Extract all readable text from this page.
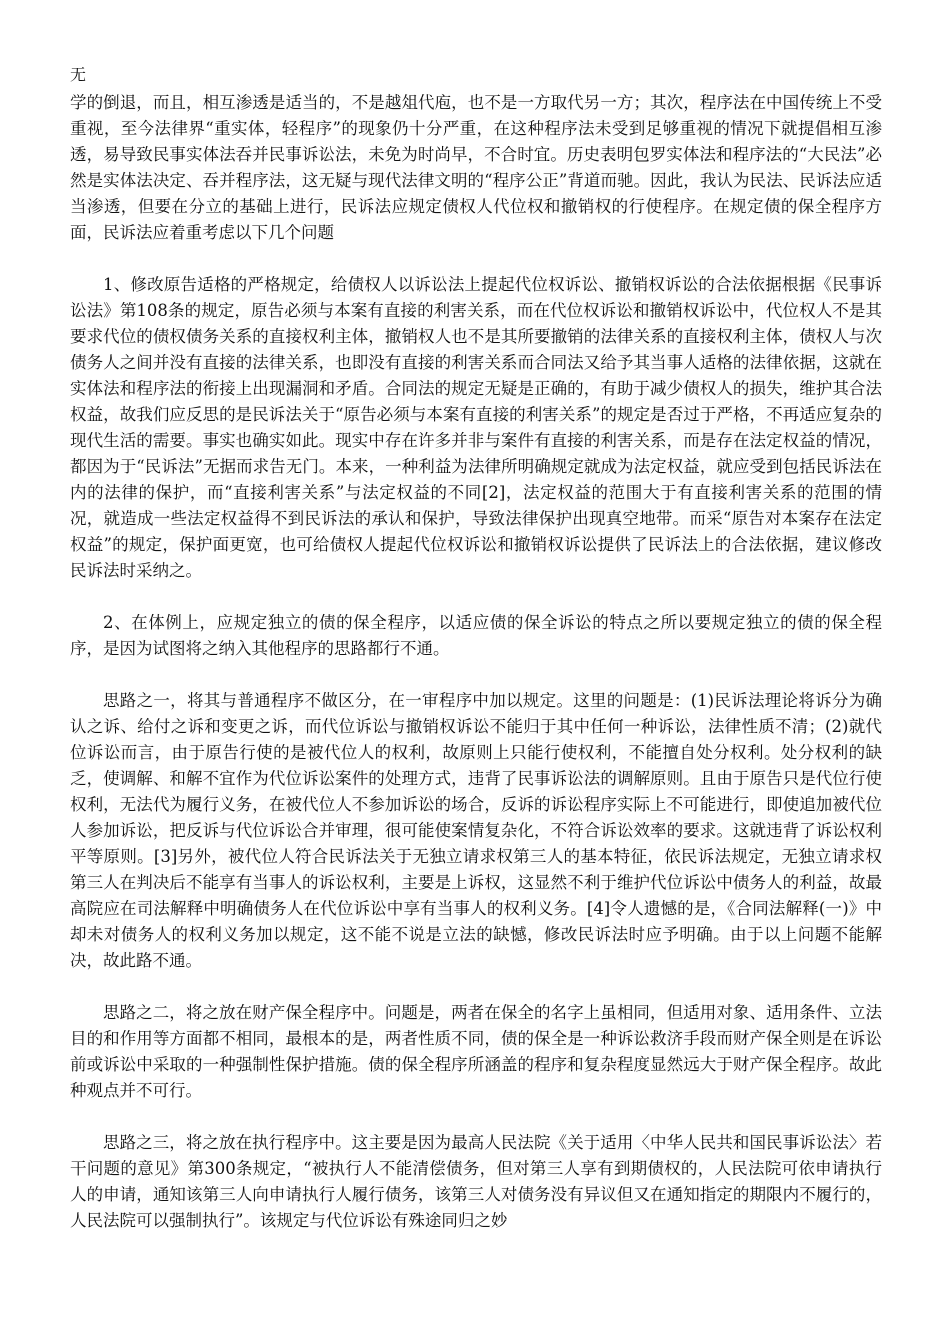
无

学的倒退，而且，相互渗透是适当的，不是越俎代庖，也不是一方取代另一方；其次，程序法在中国传统上不受重视，至今法律界“重实体，轻程序”的现象仍十分严重，在这种程序法未受到足够重视的情况下就提倡相互渗透，易导致民事实体法吞并民事诉讼法，未免为时尚早，不合时宜。历史表明包罗实体法和程序法的“大民法”必然是实体法决定、吞并程序法，这无疑与现代法律文明的“程序公正”背道而驰。因此，我认为民法、民诉法应适当渗透，但要在分立的基础上进行，民诉法应规定债权人代位权和撤销权的行使程序。在规定债的保全程序方面，民诉法应着重考虑以下几个问题

1、修改原告适格的严格规定，给债权人以诉讼法上提起代位权诉讼、撤销权诉讼的合法依据根据《民事诉讼法》第108条的规定，原告必须与本案有直接的利害关系，而在代位权诉讼和撤销权诉讼中，代位权人不是其要求代位的债权债务关系的直接权利主体，撤销权人也不是其所要撤销的法律关系的直接权利主体，债权人与次债务人之间并没有直接的法律关系，也即没有直接的利害关系而合同法又给予其当事人适格的法律依据，这就在实体法和程序法的衔接上出现漏洞和矛盾。合同法的规定无疑是正确的，有助于减少债权人的损失，维护其合法权益，故我们应反思的是民诉法关于“原告必须与本案有直接的利害关系”的规定是否过于严格，不再适应复杂的现代生活的需要。事实也确实如此。现实中存在许多并非与案件有直接的利害关系，而是存在法定权益的情况，都因为于“民诉法”无据而求告无门。本来，一种利益为法律所明确规定就成为法定权益，就应受到包括民诉法在内的法律的保护，而“直接利害关系”与法定权益的不同[2]，法定权益的范围大于有直接利害关系的范围的情况，就造成一些法定权益得不到民诉法的承认和保护，导致法律保护出现真空地带。而采“原告对本案存在法定权益”的规定，保护面更宽，也可给债权人提起代位权诉讼和撤销权诉讼提供了民诉法上的合法依据，建议修改民诉法时采纳之。

2、在体例上，应规定独立的债的保全程序，以适应债的保全诉讼的特点之所以要规定独立的债的保全程序，是因为试图将之纳入其他程序的思路都行不通。

思路之一，将其与普通程序不做区分，在一审程序中加以规定。这里的问题是：(1)民诉法理论将诉分为确认之诉、给付之诉和变更之诉，而代位诉讼与撤销权诉讼不能归于其中任何一种诉讼，法律性质不清；(2)就代位诉讼而言，由于原告行使的是被代位人的权利，故原则上只能行使权利，不能擅自处分权利。处分权利的缺乏，使调解、和解不宜作为代位诉讼案件的处理方式，违背了民事诉讼法的调解原则。且由于原告只是代位行使权利，无法代为履行义务，在被代位人不参加诉讼的场合，反诉的诉讼程序实际上不可能进行，即使追加被代位人参加诉讼，把反诉与代位诉讼合并审理，很可能使案情复杂化，不符合诉讼效率的要求。这就违背了诉讼权利平等原则。[3]另外，被代位人符合民诉法关于无独立请求权第三人的基本特征，依民诉法规定，无独立请求权第三人在判决后不能享有当事人的诉讼权利，主要是上诉权，这显然不利于维护代位诉讼中债务人的利益，故最高院应在司法解释中明确债务人在代位诉讼中享有当事人的权利义务。[4]令人遗憾的是，《合同法解释(一)》中却未对债务人的权利义务加以规定，这不能不说是立法的缺憾，修改民诉法时应予明确。由于以上问题不能解决，故此路不通。

思路之二，将之放在财产保全程序中。问题是，两者在保全的名字上虽相同，但适用对象、适用条件、立法目的和作用等方面都不相同，最根本的是，两者性质不同，债的保全是一种诉讼救济手段而财产保全则是在诉讼前或诉讼中采取的一种强制性保护措施。债的保全程序所涵盖的程序和复杂程度显然远大于财产保全程序。故此种观点并不可行。

思路之三，将之放在执行程序中。这主要是因为最高人民法院《关于适用〈中华人民共和国民事诉讼法〉若干问题的意见》第300条规定，“被执行人不能清偿债务，但对第三人享有到期债权的，人民法院可依申请执行人的申请，通知该第三人向申请执行人履行债务，该第三人对债务没有异议但又在通知指定的期限内不履行的，人民法院可以强制执行”。该规定与代位诉讼有殊途同归之妙
